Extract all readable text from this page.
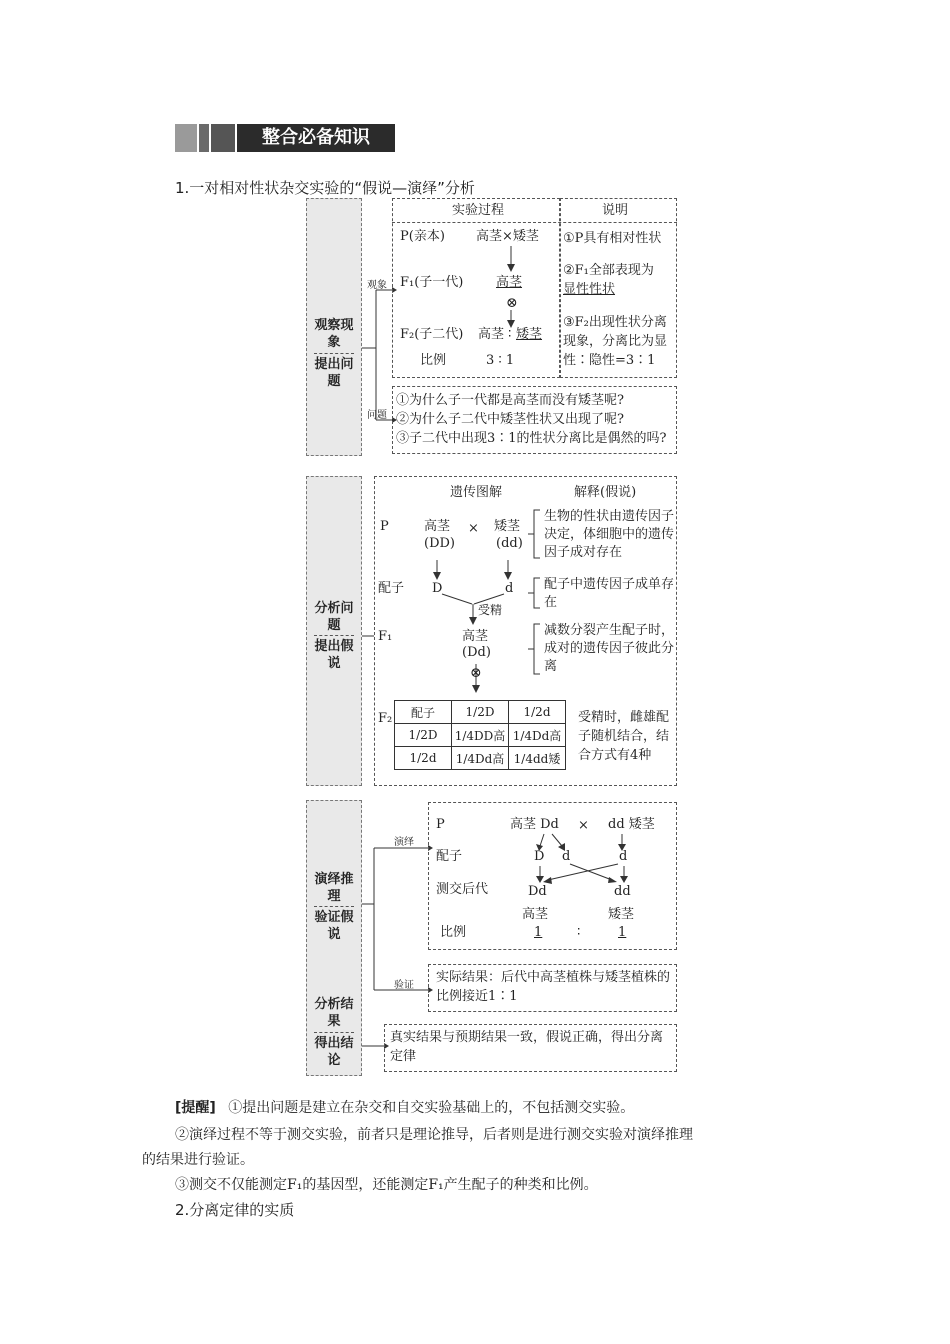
整合必备知识
1.一对相对性状杂交实验的“假说—演绎”分析
观察现象
提出问题
观象
问题
实验过程	说明
P(亲本) 高茎×矮茎
F₁(子一代)	高茎
⊗
F₂(子二代) 高茎 ∶ 矮茎
比例	3 ∶ 1
①P具有相对性状
②F₁全部表现为
显性性状
③F₂出现性状分离
现象，分离比为显
性∶隐性=3∶1
①为什么子一代都是高茎而没有矮茎呢?
②为什么子二代中矮茎性状又出现了呢?
③子二代中出现3∶1的性状分离比是偶然的吗?
分析问题
提出假说
遗传图解	解释(假说)
P	高茎
(DD)
× 矮茎
(dd)
配子 D	d
受精
F₁	高茎
(Dd)
⊗
生物的性状由遗传因子决定，体细胞中的遗传因子成对存在
配子中遗传因子成单存在
减数分裂产生配子时，成对的遗传因子彼此分离
F₂ 配子	1/2D	1/2d
1/2D	1/4DD高	1/4Dd高
1/2d	1/4Dd高	1/4dd矮
受精时，雌雄配子随机结合，结合方式有4种
演绎推理
验证假说
分析结果
得出结论
演绎
验证
P	高茎 Dd × dd 矮茎
配子	D d	d
测交后代	Dd	dd
高茎	矮茎
比例	1	∶	1
实际结果：后代中高茎植株与矮茎植株的比例接近1∶1
真实结果与预期结果一致，假说正确，得出分离定律
[提醒] ①提出问题是建立在杂交和自交实验基础上的，不包括测交实验。
②演绎过程不等于测交实验，前者只是理论推导，后者则是进行测交实验对演绎推理
的结果进行验证。
③测交不仅能测定F₁的基因型，还能测定F₁产生配子的种类和比例。
2.分离定律的实质
